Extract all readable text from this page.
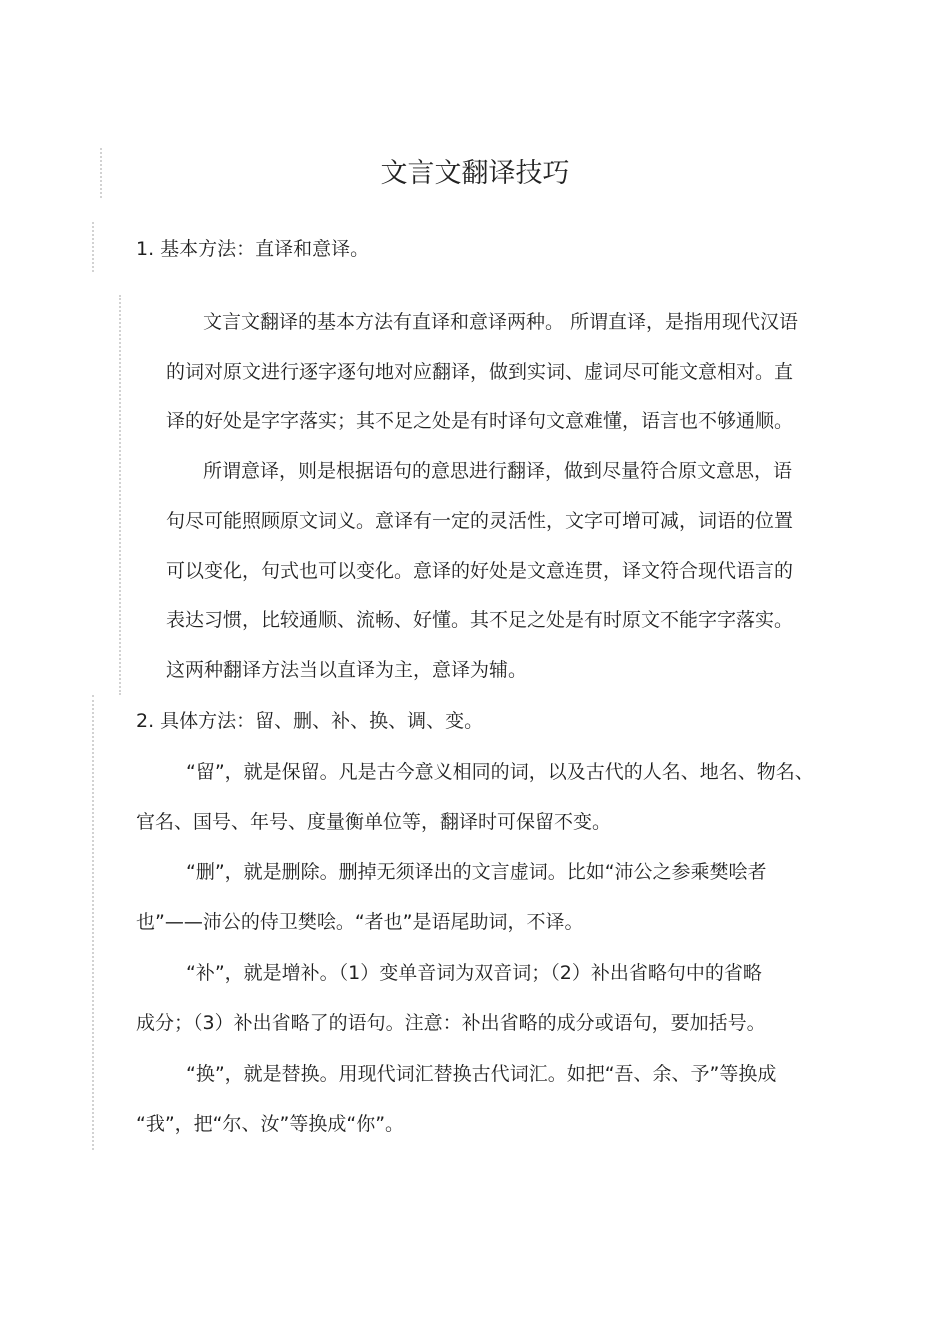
文言文翻译技巧
1. 基本方法：直译和意译。
文言文翻译的基本方法有直译和意译两种。 所谓直译，是指用现代汉语
的词对原文进行逐字逐句地对应翻译，做到实词、虚词尽可能文意相对。直
译的好处是字字落实；其不足之处是有时译句文意难懂，语言也不够通顺。
所谓意译，则是根据语句的意思进行翻译，做到尽量符合原文意思，语
句尽可能照顾原文词义。意译有一定的灵活性，文字可增可减，词语的位置
可以变化，句式也可以变化。意译的好处是文意连贯，译文符合现代语言的
表达习惯，比较通顺、流畅、好懂。其不足之处是有时原文不能字字落实。
这两种翻译方法当以直译为主，意译为辅。
2. 具体方法：留、删、补、换、调、变。
“留”，就是保留。凡是古今意义相同的词，以及古代的人名、地名、物名、
官名、国号、年号、度量衡单位等，翻译时可保留不变。
“删”，就是删除。删掉无须译出的文言虚词。比如“沛公之参乘樊哙者
也”——沛公的侍卫樊哙。“者也”是语尾助词，不译。
“补”，就是增补。（1）变单音词为双音词；（2）补出省略句中的省略
成分；（3）补出省略了的语句。注意：补出省略的成分或语句，要加括号。
“换”，就是替换。用现代词汇替换古代词汇。如把“吾、余、予”等换成
“我”，把“尔、汝”等换成“你”。
